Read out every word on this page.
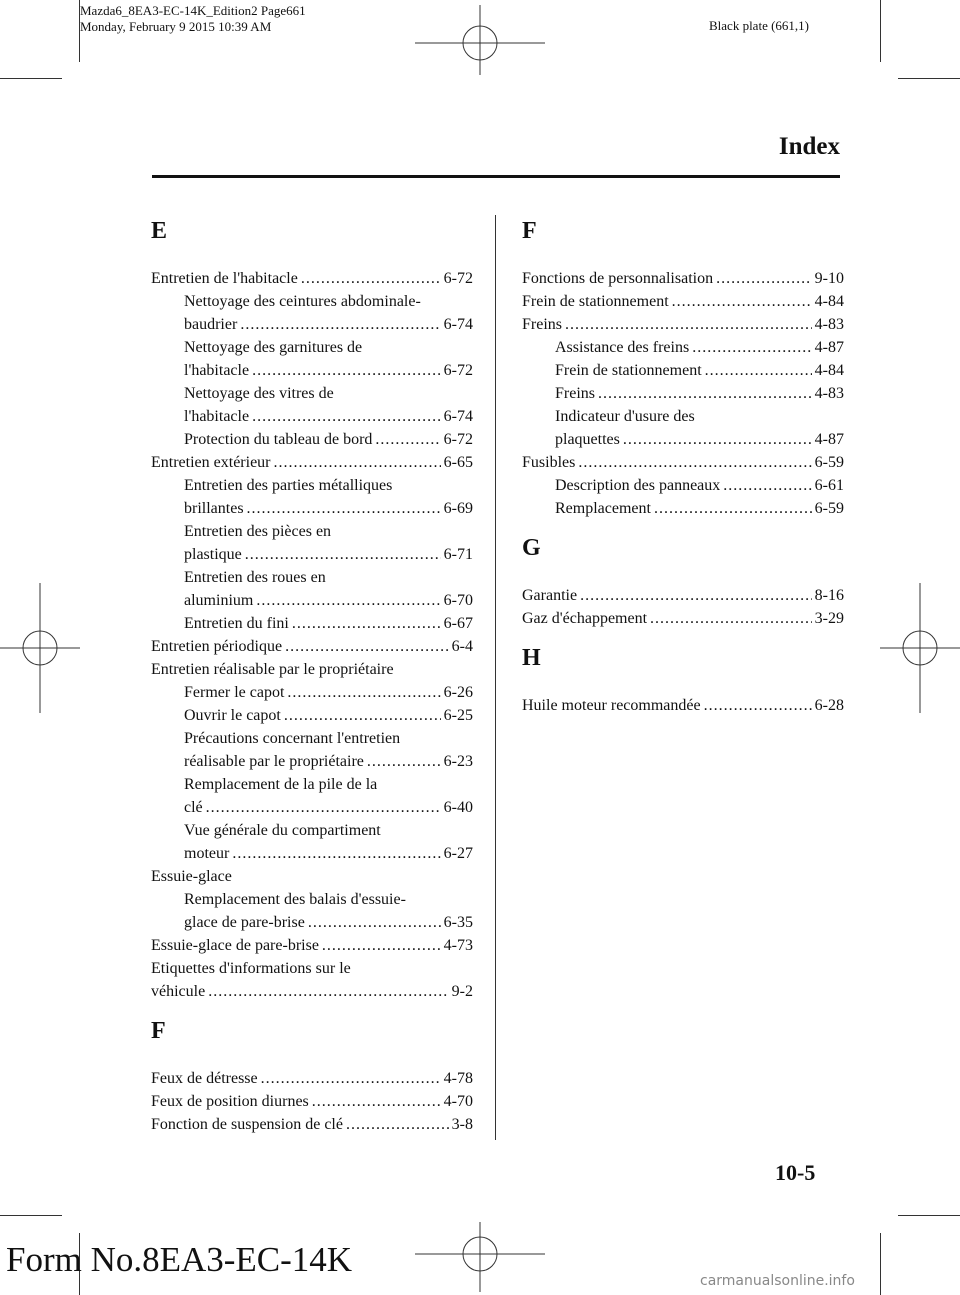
Mazda6_8EA3-EC-14K_Edition2 Page661
Monday, February 9 2015 10:39 AM	Black plate (661,1)
Index
E
Entretien de l'habitacle .....	6-72
Nettoyage des ceintures abdominale-
baudrier .....	6-74
Nettoyage des garnitures de
l'habitacle .....	6-72
Nettoyage des vitres de
l'habitacle .....	6-74
Protection du tableau de bord .....	6-72
Entretien extérieur .....	6-65
Entretien des parties métalliques
brillantes .....	6-69
Entretien des pièces en
plastique .....	6-71
Entretien des roues en
aluminium .....	6-70
Entretien du fini .....	6-67
Entretien périodique .....	6-4
Entretien réalisable par le propriétaire
Fermer le capot .....	6-26
Ouvrir le capot .....	6-25
Précautions concernant l'entretien
réalisable par le propriétaire .....	6-23
Remplacement de la pile de la
clé .....	6-40
Vue générale du compartiment
moteur .....	6-27
Essuie-glace
Remplacement des balais d'essuie-
glace de pare-brise .....	6-35
Essuie-glace de pare-brise .....	4-73
Etiquettes d'informations sur le
véhicule .....	9-2
F
Feux de détresse .....	4-78
Feux de position diurnes .....	4-70
Fonction de suspension de clé .....	3-8
F
Fonctions de personnalisation .....	9-10
Frein de stationnement .....	4-84
Freins .....	4-83
Assistance des freins .....	4-87
Frein de stationnement .....	4-84
Freins .....	4-83
Indicateur d'usure des
plaquettes .....	4-87
Fusibles .....	6-59
Description des panneaux .....	6-61
Remplacement .....	6-59
G
Garantie .....	8-16
Gaz d'échappement .....	3-29
H
Huile moteur recommandée .....	6-28
10-5
Form No.8EA3-EC-14K
carmanualsonline.info
